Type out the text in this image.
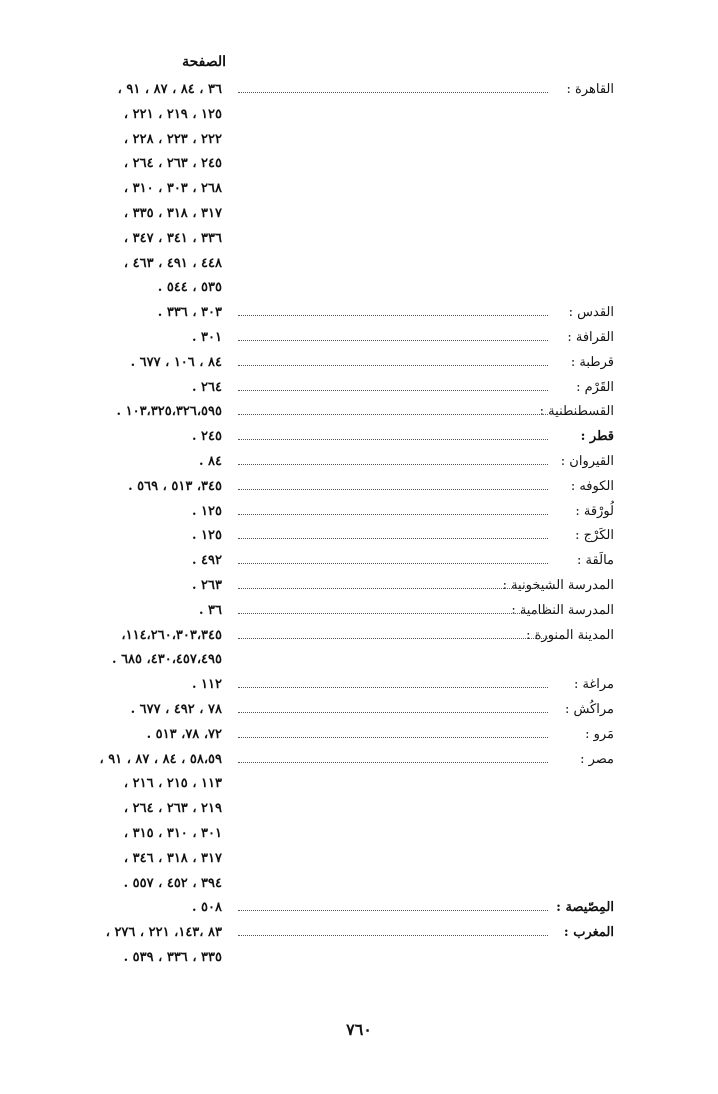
الصفحة
القاهرة :
٣٦ ، ٨٤ ، ٨٧ ، ٩١ ،
١٢٥ ، ٢١٩ ، ٢٢١ ،
٢٢٢ ، ٢٢٣ ، ٢٢٨ ،
٢٤٥ ، ٢٦٣ ، ٢٦٤ ،
٢٦٨ ، ٣٠٣ ، ٣١٠ ،
٣١٧ ، ٣١٨ ، ٣٣٥ ،
٣٣٦ ، ٣٤١ ، ٣٤٧ ،
٤٤٨ ، ٤٩١ ، ٤٦٣ ،
٥٣٥ ، ٥٤٤ .
القدس :
٣٠٣ ، ٣٣٦ .
القرافة :
٣٠١ .
قرطبة :
٨٤ ، ١٠٦ ، ٦٧٧ .
القَرْم :
٢٦٤ .
القسطنطنية :
١٠٣،٣٢٥،٣٢٦،٥٩٥ .
قطر :
٢٤٥ .
القيروان :
٨٤ .
الكوفه :
٣٤٥، ٥١٣ ، ٥٦٩ .
لُورْقة :
١٢٥ .
الكَرْج :
١٢٥ .
مالَقة :
٤٩٢ .
المدرسة الشيخونية :
٢٦٣ .
المدرسة النظامية :
٣٦ .
المدينة المنورة :
١١٤،٢٦٠،٣٠٣،٣٤٥،
٤٣٠،٤٥٧،٤٩٥، ٦٨٥ .
مراغة :
١١٢ .
مراكُش :
٧٨ ، ٤٩٢ ، ٦٧٧ .
مَرو :
٧٢، ٧٨، ٥١٣ .
مصر :
٥٨،٥٩ ، ٨٤ ، ٨٧ ، ٩١ ،
١١٣ ، ٢١٥ ، ٢١٦ ،
٢١٩ ، ٢٦٣ ، ٢٦٤ ،
٣٠١ ، ٣١٠ ، ٣١٥ ،
٣١٧ ، ٣١٨ ، ٣٤٦ ،
٣٩٤ ، ٤٥٢ ، ٥٥٧ .
المِصّيصة :
٥٠٨ .
المغرب :
٨٣ ،١٤٣، ٢٢١ ، ٢٧٦ ،
٣٣٥ ، ٣٣٦ ، ٥٣٩ .
٧٦٠
